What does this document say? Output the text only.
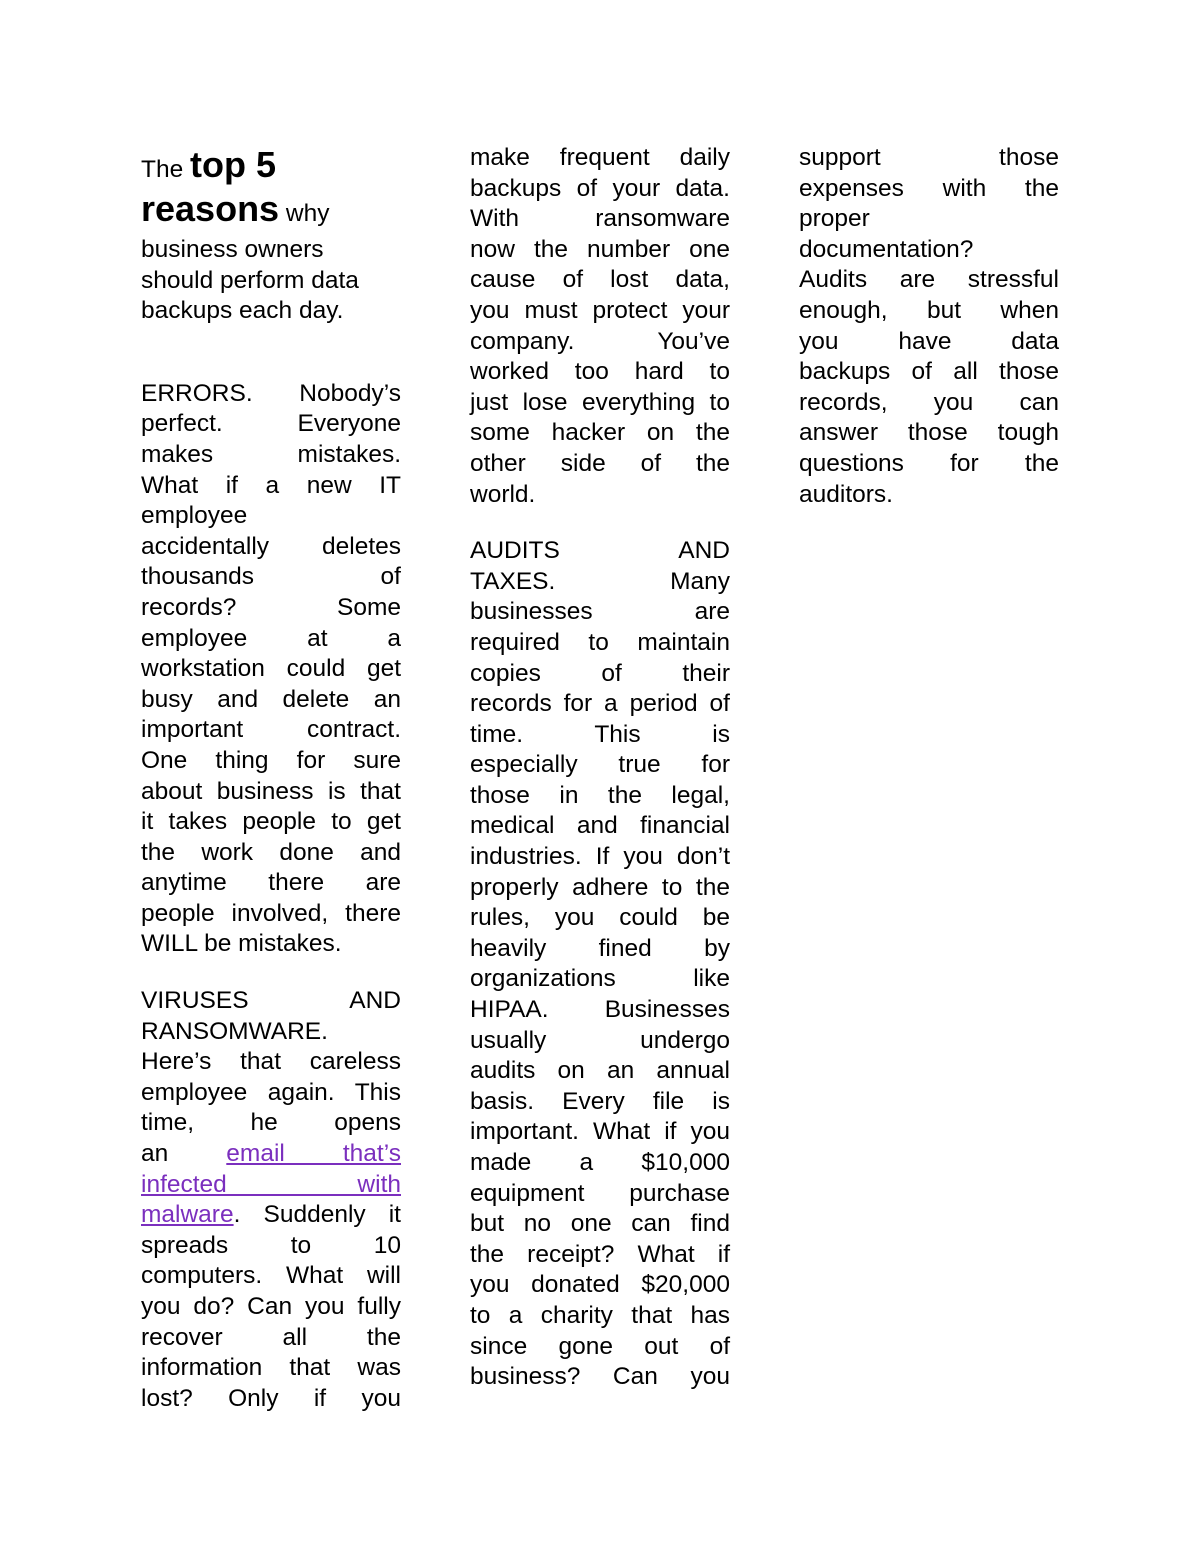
The top 5
reasons why
business owners
should perform data
backups each day.
ERRORS. Nobody’s
perfect. Everyone
makes mistakes.
What if a new IT
employee
accidentally deletes
thousands of
records? Some
employee at a
workstation could get
busy and delete an
important contract.
One thing for sure
about business is that
it takes people to get
the work done and
anytime there are
people involved, there
WILL be mistakes.
VIRUSES AND
RANSOMWARE.
Here’s that careless
employee again. This
time, he opens
an email that’s
infected with
malware. Suddenly it
spreads to 10
computers. What will
you do? Can you fully
recover all the
information that was
lost? Only if you
make frequent daily
backups of your data.
With ransomware
now the number one
cause of lost data,
you must protect your
company. You’ve
worked too hard to
just lose everything to
some hacker on the
other side of the
world.
AUDITS AND
TAXES. Many
businesses are
required to maintain
copies of their
records for a period of
time. This is
especially true for
those in the legal,
medical and financial
industries. If you don’t
properly adhere to the
rules, you could be
heavily fined by
organizations like
HIPAA. Businesses
usually undergo
audits on an annual
basis. Every file is
important. What if you
made a $10,000
equipment purchase
but no one can find
the receipt? What if
you donated $20,000
to a charity that has
since gone out of
business? Can you
support those
expenses with the
proper
documentation?
Audits are stressful
enough, but when
you have data
backups of all those
records, you can
answer those tough
questions for the
auditors.
